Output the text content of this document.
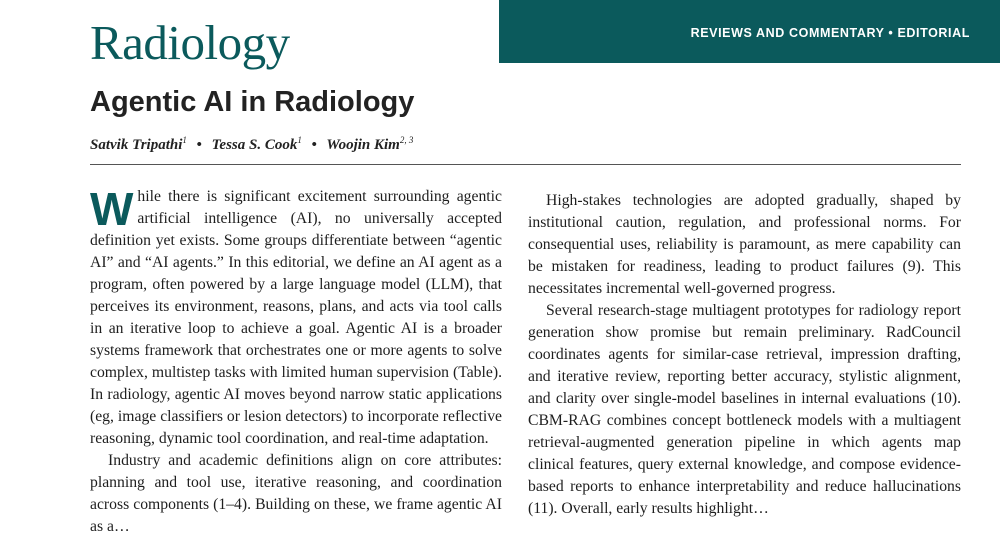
REVIEWS AND COMMENTARY • EDITORIAL
Radiology
Agentic AI in Radiology
Satvik Tripathi$^1$ • Tessa S. Cook$^1$ • Woojin Kim$^{2, 3}$

While there is significant excitement surrounding agentic artificial intelligence (AI), no universally accepted definition yet exists. Some groups differentiate between “agentic AI” and “AI agents.” In this editorial, we define an AI agent as a program, often powered by a large language model (LLM), that perceives its environment, reasons, plans, and acts via tool calls in an iterative loop to achieve a goal. Agentic AI is a broader systems framework that orchestrates one or more agents to solve complex, multistep tasks with limited human supervision (Table). In radiology, agentic AI moves beyond narrow static applications (eg, image classifiers or lesion detectors) to incorporate reflective reasoning, dynamic tool coordination, and real-time adaptation.

Industry and academic definitions align on core attributes: planning and tool use, iterative reasoning, and coordination across components (1–4). Building on these, we frame agentic AI as a…

High-stakes technologies are adopted gradually, shaped by institutional caution, regulation, and professional norms. For consequential uses, reliability is paramount, as mere capability can be mistaken for readiness, leading to product failures (9). This necessitates incremental well-governed progress.

Several research-stage multiagent prototypes for radiology report generation show promise but remain preliminary. RadCouncil coordinates agents for similar-case retrieval, impression drafting, and iterative review, reporting better accuracy, stylistic alignment, and clarity over single-model baselines in internal evaluations (10). CBM-RAG combines concept bottleneck models with a multiagent retrieval-augmented generation pipeline in which agents map clinical features, query external knowledge, and compose evidence-based reports to enhance interpretability and reduce hallucinations (11). Overall, early results highlight…
